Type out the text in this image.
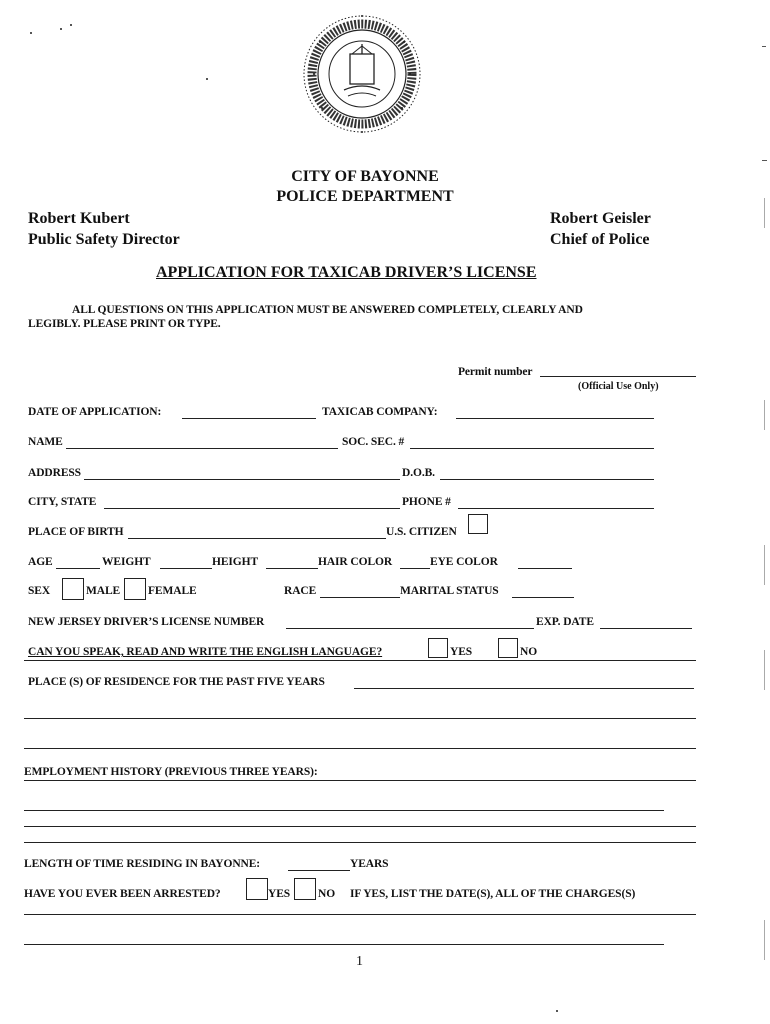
CITY OF BAYONNE
POLICE DEPARTMENT
Robert Kubert
Public Safety Director
Robert Geisler
Chief of Police
APPLICATION FOR TAXICAB DRIVER’S LICENSE
ALL QUESTIONS ON THIS APPLICATION MUST BE ANSWERED COMPLETELY, CLEARLY AND
LEGIBLY. PLEASE PRINT OR TYPE.
Permit number
(Official Use Only)
DATE OF APPLICATION:	TAXICAB COMPANY:
NAME	SOC. SEC. #
ADDRESS	D.O.B.
CITY, STATE	PHONE #
PLACE OF BIRTH	U.S. CITIZEN
AGE	WEIGHT	HEIGHT	HAIR COLOR	EYE COLOR
SEX	MALE FEMALE	RACE	MARITAL STATUS
NEW JERSEY DRIVER’S LICENSE NUMBER	EXP. DATE
CAN YOU SPEAK, READ AND WRITE THE ENGLISH LANGUAGE?	YES	NO
PLACE (S) OF RESIDENCE FOR THE PAST FIVE YEARS
EMPLOYMENT HISTORY (PREVIOUS THREE YEARS):
LENGTH OF TIME RESIDING IN BAYONNE:	YEARS
HAVE YOU EVER BEEN ARRESTED?	YES NO IF YES, LIST THE DATE(S), ALL OF THE CHARGES(S)
1
